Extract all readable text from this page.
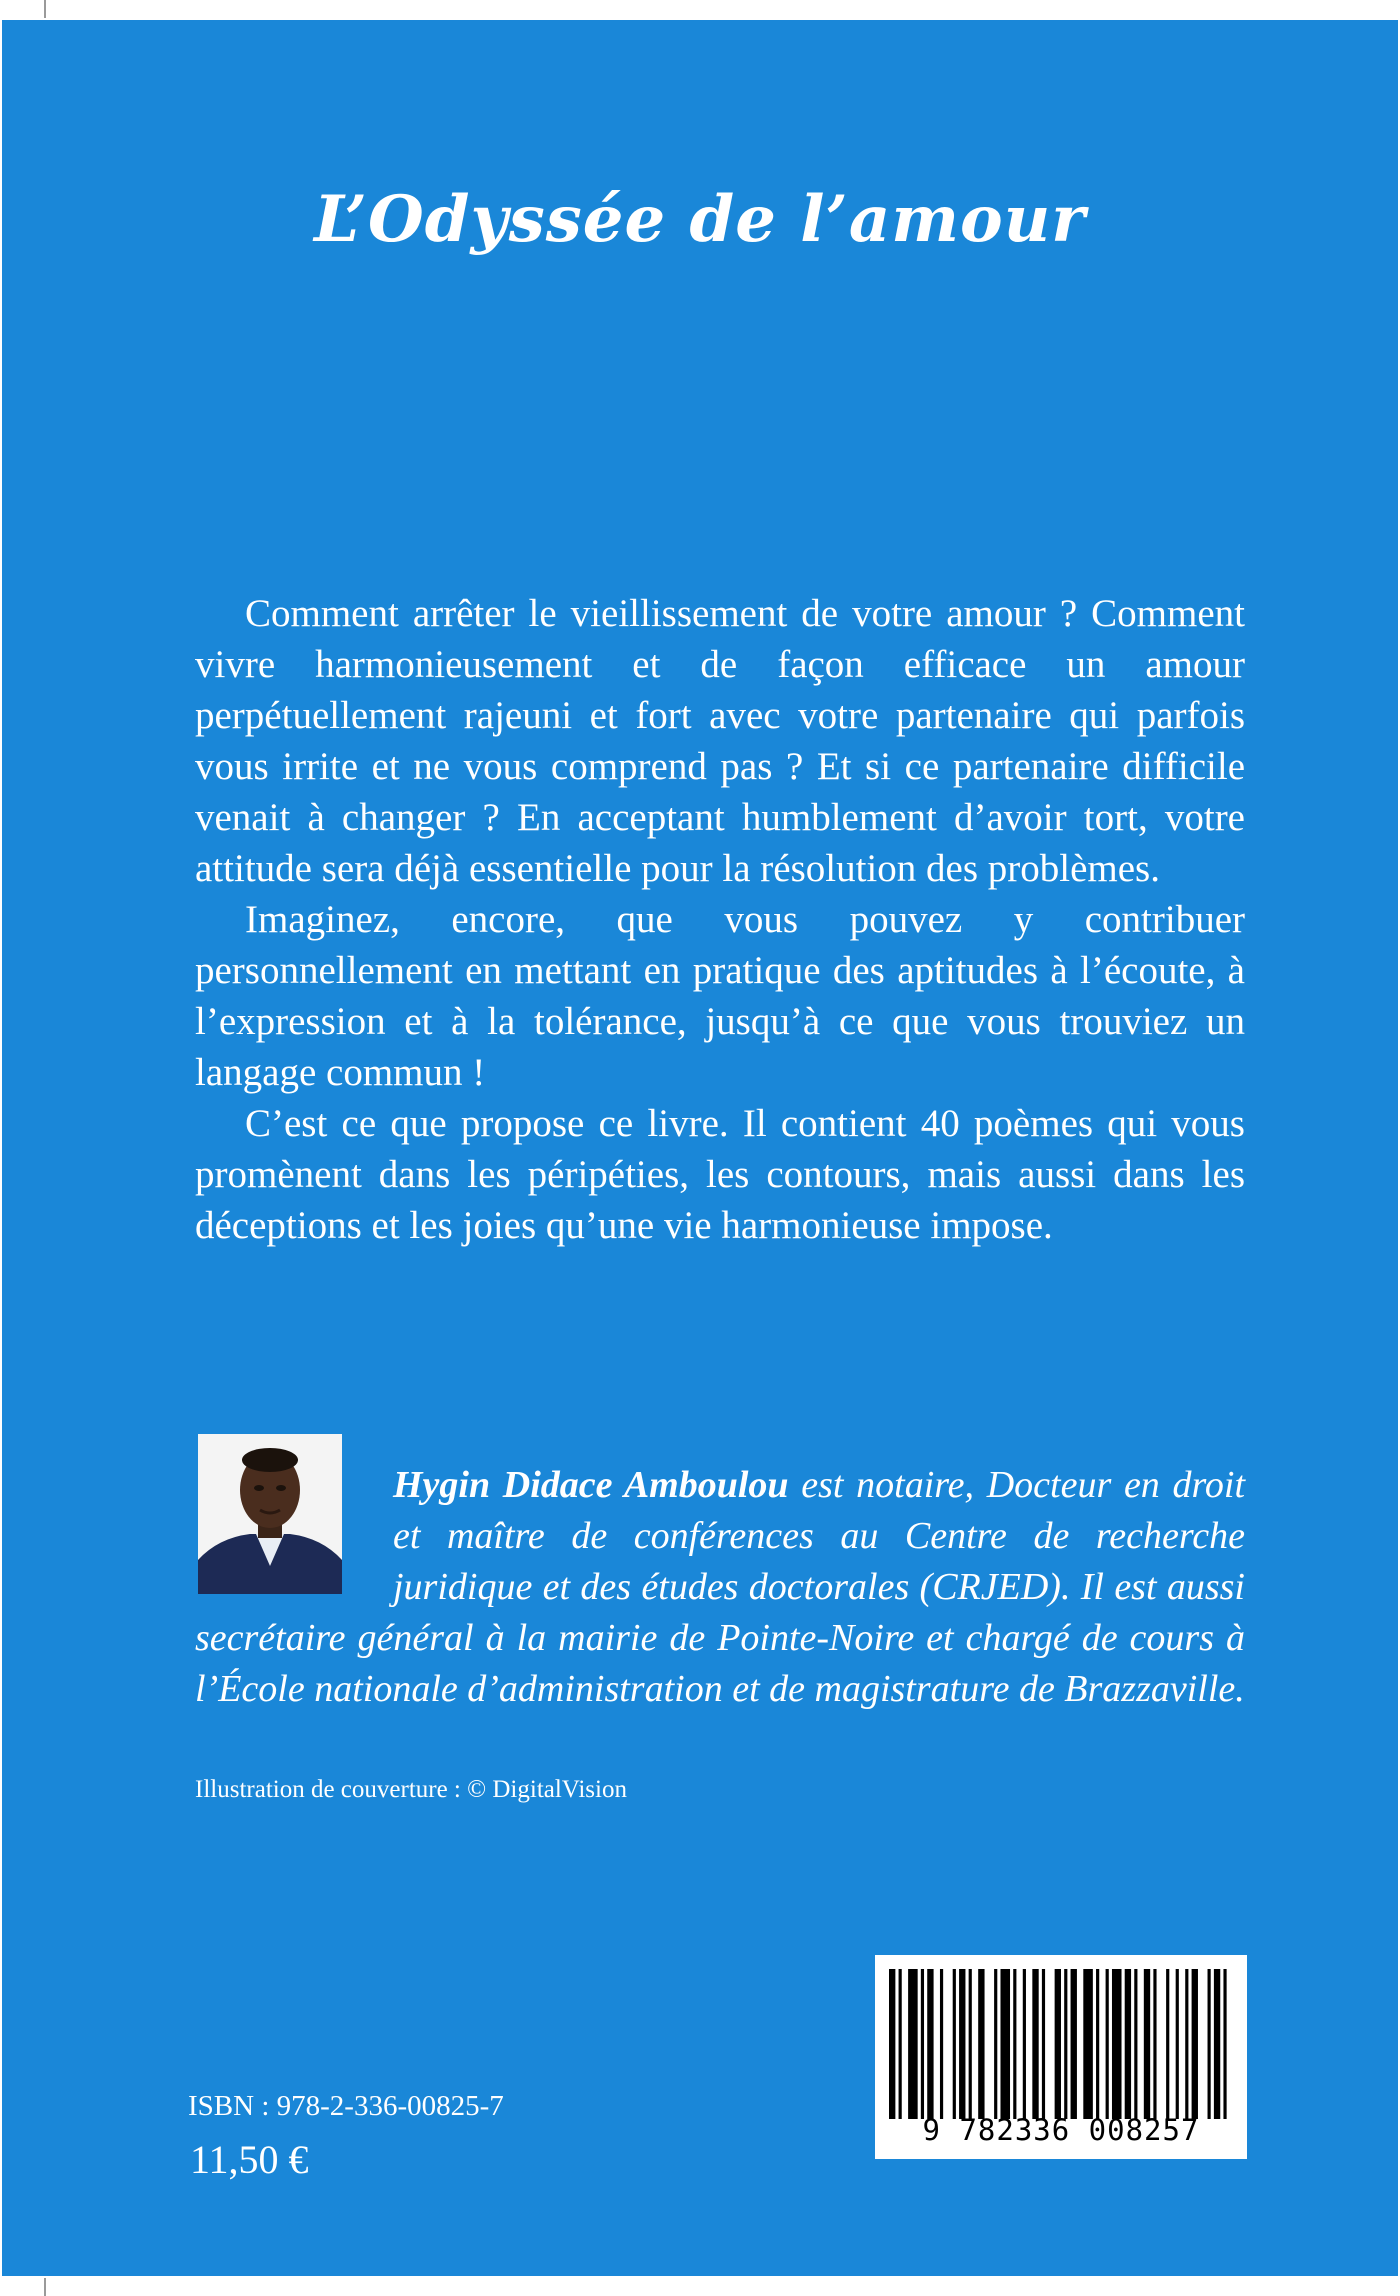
L’Odyssée de l’amour

Comment arrêter le vieillissement de votre amour ? Comment vivre harmonieusement et de façon efficace un amour perpétuellement rajeuni et fort avec votre partenaire qui parfois vous irrite et ne vous comprend pas ? Et si ce partenaire difficile venait à changer ? En acceptant humblement d’avoir tort, votre attitude sera déjà essentielle pour la résolution des problèmes.

Imaginez, encore, que vous pouvez y contribuer personnellement en mettant en pratique des aptitudes à l’écoute, à l’expression et à la tolérance, jusqu’à ce que vous trouviez un langage commun !

C’est ce que propose ce livre. Il contient 40 poèmes qui vous promènent dans les péripéties, les contours, mais aussi dans les déceptions et les joies qu’une vie harmonieuse impose.

Hygin Didace Amboulou est notaire, Docteur en droit et maître de conférences au Centre de recherche juridique et des études doctorales (CRJED). Il est aussi secrétaire général à la mairie de Pointe-Noire et chargé de cours à l’École nationale d’administration et de magistrature de Brazzaville.
Illustration de couverture : © DigitalVision
ISBN : 978-2-336-00825-7
11,50 €
9 782336 008257
